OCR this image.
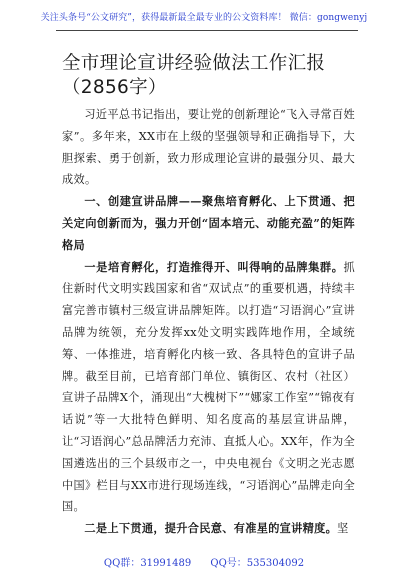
关注头条号“公文研究”，获得最新最全最专业的公文资料库！ 微信：gongwenyj
全市理论宣讲经验做法工作汇报（2856字）

习近平总书记指出，要让党的创新理论“飞入寻常百姓家”。多年来，XX市在上级的坚强领导和正确指导下，大胆探索、勇于创新，致力形成理论宣讲的最强分贝、最大成效。

一、创建宣讲品牌——聚焦培育孵化、上下贯通、把关定向创新而为，强力开创“固本培元、动能充盈”的矩阵格局

一是培育孵化，打造推得开、叫得响的品牌集群。抓住新时代文明实践国家和省“双试点”的重要机遇，持续丰富完善市镇村三级宣讲品牌矩阵。以打造“习语润心”宣讲品牌为统领，充分发挥xx处文明实践阵地作用，全域统筹、一体推进，培育孵化内核一致、各具特色的宣讲子品牌。截至目前，已培育部门单位、镇街区、农村（社区）宣讲子品牌X个，涌现出“大槐树下”“娜家工作室”“锦夜有话说”等一大批特色鲜明、知名度高的基层宣讲品牌，让“习语润心”总品牌活力充沛、直抵人心。XX年，作为全国遴选出的三个县级市之一，中央电视台《文明之光志愿中国》栏目与XX市进行现场连线，“习语润心”品牌走向全国。

二是上下贯通，提升合民意、有准星的宣讲精度。坚

QQ群：31991489 QQ号：535304092
